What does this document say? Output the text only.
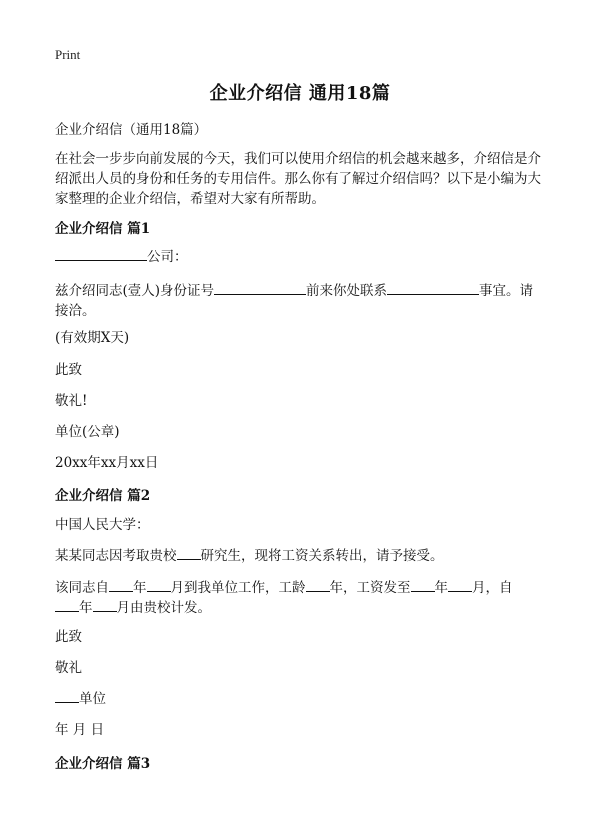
Print
企业介绍信 通用18篇
企业介绍信（通用18篇）
在社会一步步向前发展的今天，我们可以使用介绍信的机会越来越多，介绍信是介绍派出人员的身份和任务的专用信件。那么你有了解过介绍信吗？以下是小编为大家整理的企业介绍信，希望对大家有所帮助。
企业介绍信 篇1
公司：
兹介绍同志(壹人)身份证号	前来你处联系	事宜。请
接洽。
(有效期X天)
此致
敬礼!
单位(公章)
20xx年xx月xx日
企业介绍信 篇2
中国人民大学：
某某同志因考取贵校 研究生，现将工资关系转出，请予接受。
该同志自 年 月到我单位工作，工龄 年，工资发至 年 月，自
年 月由贵校计发。
此致
敬礼
单位
年 月 日
企业介绍信 篇3
